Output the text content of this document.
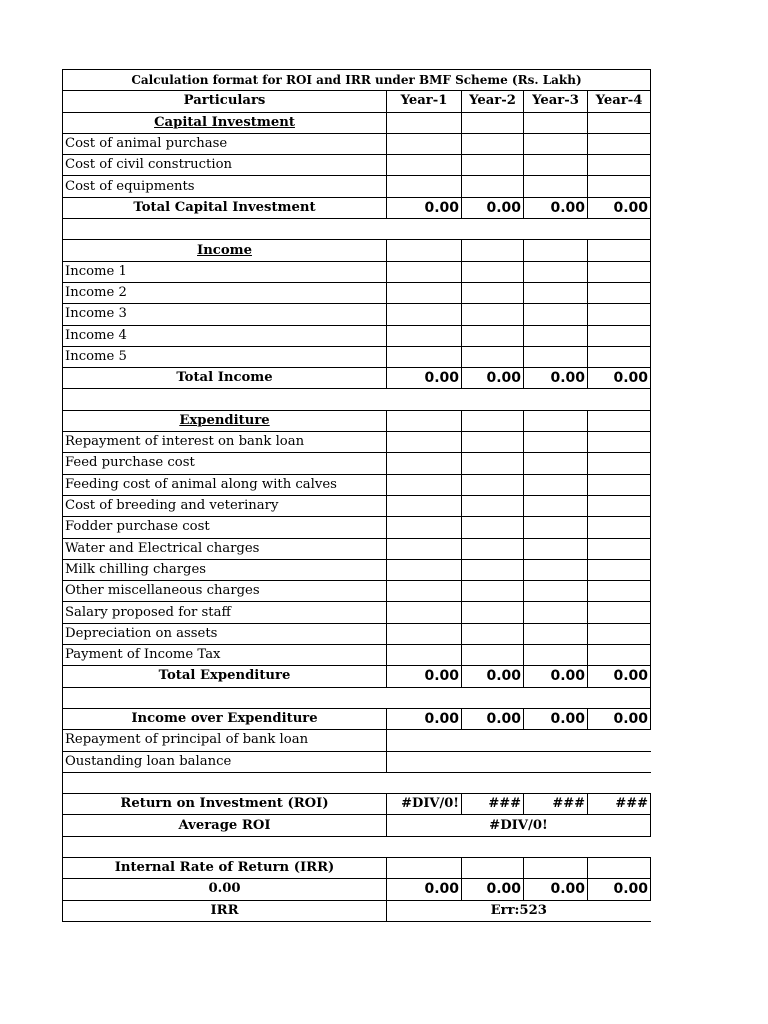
Calculation format for ROI and IRR under BMF Scheme (Rs. Lakh)				
Particulars	Year-1	Year-2	Year-3	Year-4
Capital Investment				
Cost of animal purchase				
Cost of civil construction				
Cost of equipments				
Total Capital Investment	0.00	0.00	0.00	0.00

Income				
Income 1				
Income 2				
Income 3				
Income 4				
Income 5				
Total Income	0.00	0.00	0.00	0.00

Expenditure				
Repayment of interest on bank loan				
Feed purchase cost				
Feeding cost of animal along with calves				
Cost of breeding and veterinary				
Fodder purchase cost				
Water and Electrical charges				
Milk chilling charges				
Other miscellaneous charges				
Salary proposed for staff				
Depreciation on assets				
Payment of Income Tax				
Total Expenditure	0.00	0.00	0.00	0.00

Income over Expenditure	0.00	0.00	0.00	0.00
Repayment of principal of bank loan				
Oustanding loan balance				

Return on Investment (ROI)	#DIV/0!	###	###	###
Average ROI	#DIV/0!			

Internal Rate of Return (IRR)				
0.00	0.00	0.00	0.00	0.00
IRR	Err:523			
